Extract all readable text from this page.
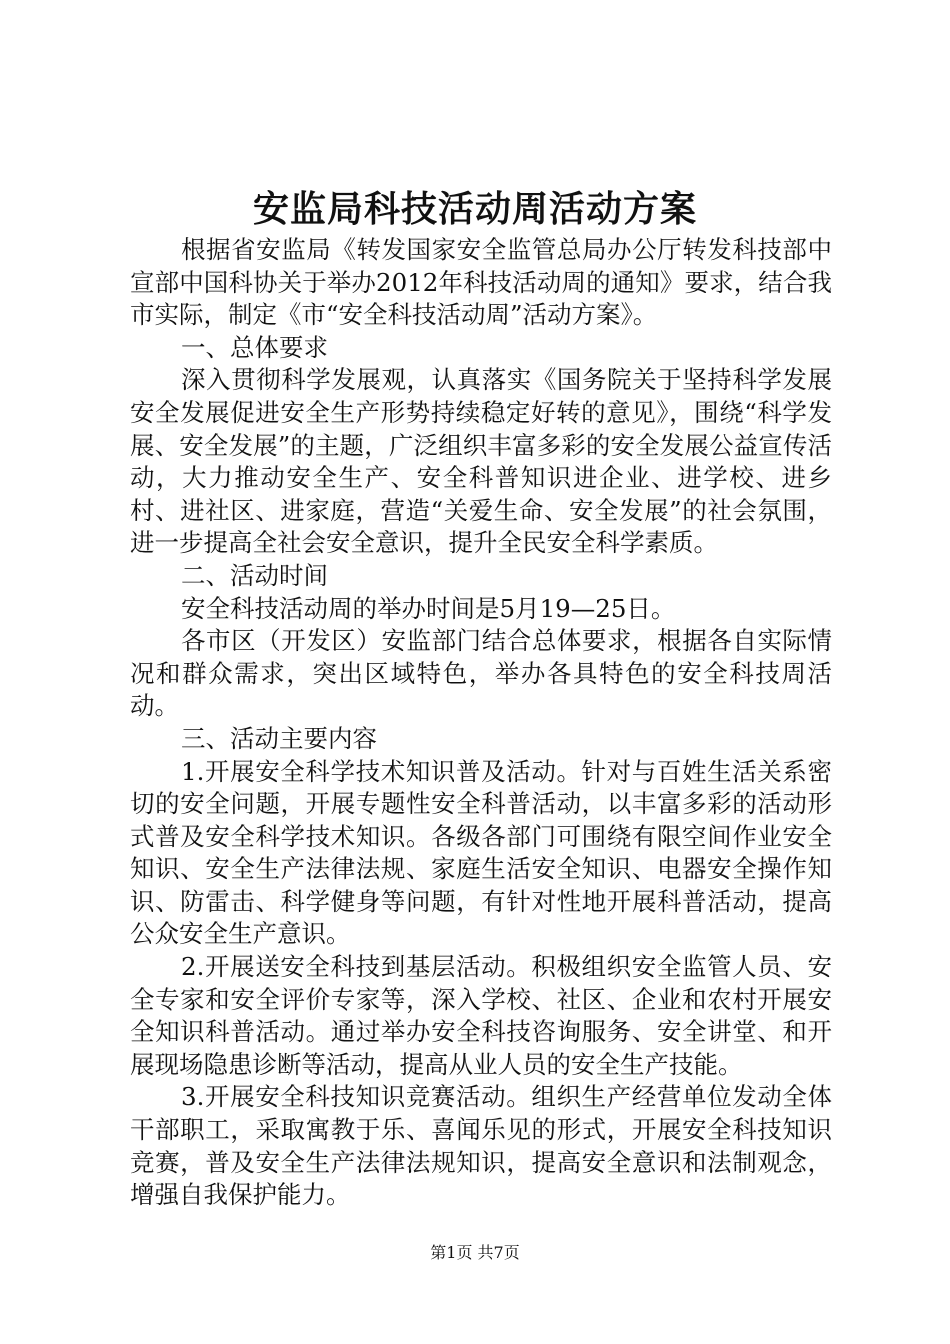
安监局科技活动周活动方案

根据省安监局《转发国家安全监管总局办公厅转发科技部中宣部中国科协关于举办2012年科技活动周的通知》要求，结合我市实际，制定《市“安全科技活动周”活动方案》。

一、总体要求

深入贯彻科学发展观，认真落实《国务院关于坚持科学发展安全发展促进安全生产形势持续稳定好转的意见》，围绕“科学发展、安全发展”的主题，广泛组织丰富多彩的安全发展公益宣传活动，大力推动安全生产、安全科普知识进企业、进学校、进乡村、进社区、进家庭，营造“关爱生命、安全发展”的社会氛围，进一步提高全社会安全意识，提升全民安全科学素质。

二、活动时间

安全科技活动周的举办时间是5月19—25日。

各市区（开发区）安监部门结合总体要求，根据各自实际情况和群众需求，突出区域特色，举办各具特色的安全科技周活动。

三、活动主要内容

1.开展安全科学技术知识普及活动。针对与百姓生活关系密切的安全问题，开展专题性安全科普活动，以丰富多彩的活动形式普及安全科学技术知识。各级各部门可围绕有限空间作业安全知识、安全生产法律法规、家庭生活安全知识、电器安全操作知识、防雷击、科学健身等问题，有针对性地开展科普活动，提高公众安全生产意识。

2.开展送安全科技到基层活动。积极组织安全监管人员、安全专家和安全评价专家等，深入学校、社区、企业和农村开展安全知识科普活动。通过举办安全科技咨询服务、安全讲堂、和开展现场隐患诊断等活动，提高从业人员的安全生产技能。

3.开展安全科技知识竞赛活动。组织生产经营单位发动全体干部职工，采取寓教于乐、喜闻乐见的形式，开展安全科技知识竞赛，普及安全生产法律法规知识，提高安全意识和法制观念，增强自我保护能力。

第1页 共7页
